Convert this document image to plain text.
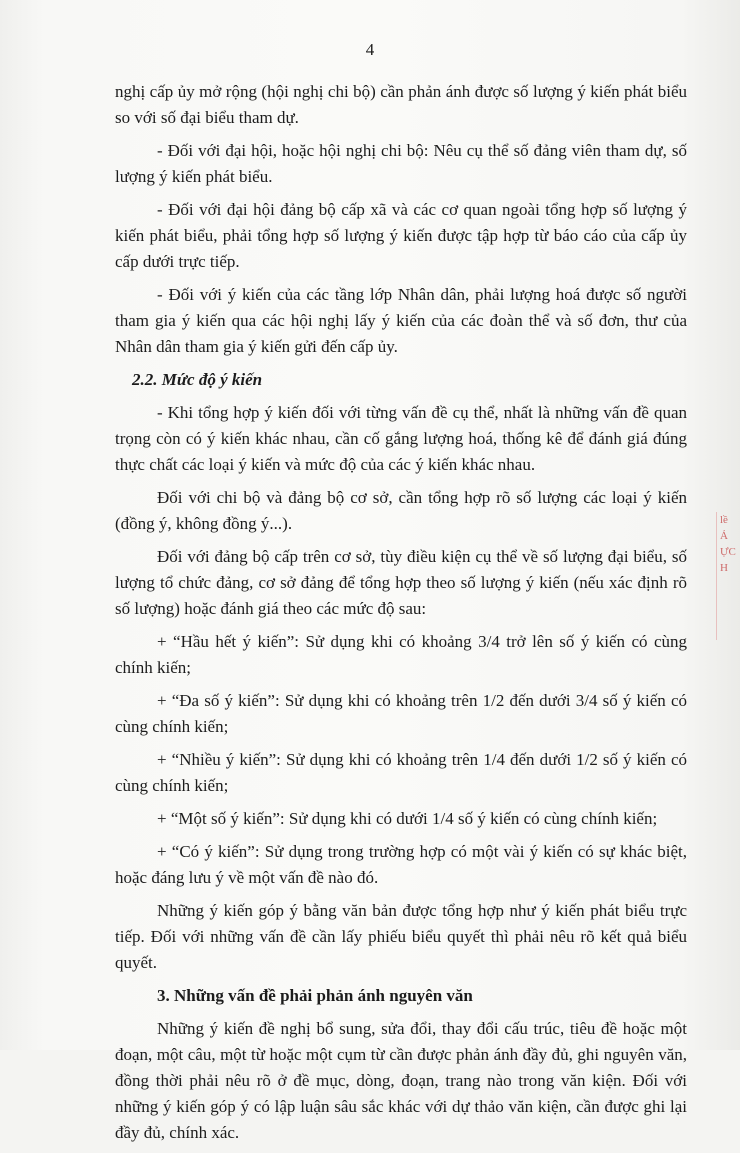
4

nghị cấp ủy mở rộng (hội nghị chi bộ) cần phản ánh được số lượng ý kiến phát biểu so với số đại biểu tham dự.

- Đối với đại hội, hoặc hội nghị chi bộ: Nêu cụ thể số đảng viên tham dự, số lượng ý kiến phát biểu.

- Đối với đại hội đảng bộ cấp xã và các cơ quan ngoài tổng hợp số lượng ý kiến phát biểu, phải tổng hợp số lượng ý kiến được tập hợp từ báo cáo của cấp ủy cấp dưới trực tiếp.

- Đối với ý kiến của các tầng lớp Nhân dân, phải lượng hoá được số người tham gia ý kiến qua các hội nghị lấy ý kiến của các đoàn thể và số đơn, thư của Nhân dân tham gia ý kiến gửi đến cấp ủy.

2.2. Mức độ ý kiến

- Khi tổng hợp ý kiến đối với từng vấn đề cụ thể, nhất là những vấn đề quan trọng còn có ý kiến khác nhau, cần cố gắng lượng hoá, thống kê để đánh giá đúng thực chất các loại ý kiến và mức độ của các ý kiến khác nhau.

Đối với chi bộ và đảng bộ cơ sở, cần tổng hợp rõ số lượng các loại ý kiến (đồng ý, không đồng ý...).

Đối với đảng bộ cấp trên cơ sở, tùy điều kiện cụ thể về số lượng đại biểu, số lượng tổ chức đảng, cơ sở đảng để tổng hợp theo số lượng ý kiến (nếu xác định rõ số lượng) hoặc đánh giá theo các mức độ sau:

+ “Hầu hết ý kiến”: Sử dụng khi có khoảng 3/4 trở lên số ý kiến có cùng chính kiến;

+ “Đa số ý kiến”: Sử dụng khi có khoảng trên 1/2 đến dưới 3/4 số ý kiến có cùng chính kiến;

+ “Nhiều ý kiến”: Sử dụng khi có khoảng trên 1/4 đến dưới 1/2 số ý kiến có cùng chính kiến;

+ “Một số ý kiến”: Sử dụng khi có dưới 1/4 số ý kiến có cùng chính kiến;

+ “Có ý kiến”: Sử dụng trong trường hợp có một vài ý kiến có sự khác biệt, hoặc đáng lưu ý về một vấn đề nào đó.

Những ý kiến góp ý bằng văn bản được tổng hợp như ý kiến phát biểu trực tiếp. Đối với những vấn đề cần lấy phiếu biểu quyết thì phải nêu rõ kết quả biểu quyết.

3. Những vấn đề phải phản ánh nguyên văn

Những ý kiến đề nghị bổ sung, sửa đổi, thay đổi cấu trúc, tiêu đề hoặc một đoạn, một câu, một từ hoặc một cụm từ cần được phản ánh đầy đủ, ghi nguyên văn, đồng thời phải nêu rõ ở đề mục, dòng, đoạn, trang nào trong văn kiện. Đối với những ý kiến góp ý có lập luận sâu sắc khác với dự thảo văn kiện, cần được ghi lại đầy đủ, chính xác.

lề
Ả
ỰC
H
